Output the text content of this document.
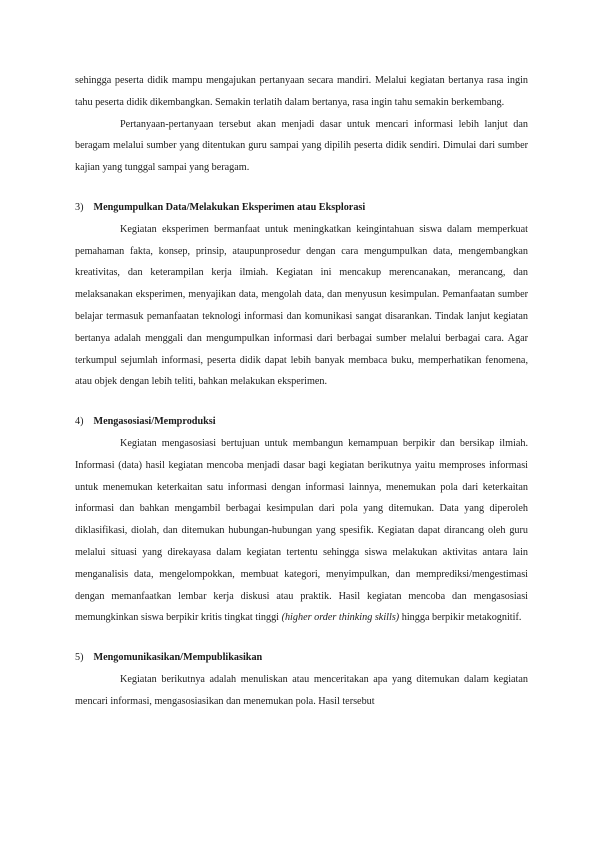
sehingga peserta didik mampu mengajukan pertanyaan secara mandiri. Melalui kegiatan bertanya rasa ingin tahu peserta didik dikembangkan. Semakin terlatih dalam bertanya, rasa ingin tahu semakin berkembang.

Pertanyaan-pertanyaan tersebut akan menjadi dasar untuk mencari informasi lebih lanjut dan beragam melalui sumber yang ditentukan guru sampai yang dipilih peserta didik sendiri. Dimulai dari sumber kajian yang tunggal sampai yang beragam.

3) Mengumpulkan Data/Melakukan Eksperimen atau Eksplorasi

Kegiatan eksperimen bermanfaat untuk meningkatkan keingintahuan siswa dalam memperkuat pemahaman fakta, konsep, prinsip, ataupunprosedur dengan cara mengumpulkan data, mengembangkan kreativitas, dan keterampilan kerja ilmiah. Kegiatan ini mencakup merencanakan, merancang, dan melaksanakan eksperimen, menyajikan data, mengolah data, dan menyusun kesimpulan. Pemanfaatan sumber belajar termasuk pemanfaatan teknologi informasi dan komunikasi sangat disarankan. Tindak lanjut kegiatan bertanya adalah menggali dan mengumpulkan informasi dari berbagai sumber melalui berbagai cara. Agar terkumpul sejumlah informasi, peserta didik dapat lebih banyak membaca buku, memperhatikan fenomena, atau objek dengan lebih teliti, bahkan melakukan eksperimen.

4) Mengasosiasi/Memproduksi

Kegiatan mengasosiasi bertujuan untuk membangun kemampuan berpikir dan bersikap ilmiah. Informasi (data) hasil kegiatan mencoba menjadi dasar bagi kegiatan berikutnya yaitu memproses informasi untuk menemukan keterkaitan satu informasi dengan informasi lainnya, menemukan pola dari keterkaitan informasi dan bahkan mengambil berbagai kesimpulan dari pola yang ditemukan. Data yang diperoleh diklasifikasi, diolah, dan ditemukan hubungan-hubungan yang spesifik. Kegiatan dapat dirancang oleh guru melalui situasi yang direkayasa dalam kegiatan tertentu sehingga siswa melakukan aktivitas antara lain menganalisis data, mengelompokkan, membuat kategori, menyimpulkan, dan memprediksi/mengestimasi dengan memanfaatkan lembar kerja diskusi atau praktik. Hasil kegiatan mencoba dan mengasosiasi memungkinkan siswa berpikir kritis tingkat tinggi (higher order thinking skills) hingga berpikir metakognitif.

5) Mengomunikasikan/Mempublikasikan

Kegiatan berikutnya adalah menuliskan atau menceritakan apa yang ditemukan dalam kegiatan mencari informasi, mengasosiasikan dan menemukan pola. Hasil tersebut
